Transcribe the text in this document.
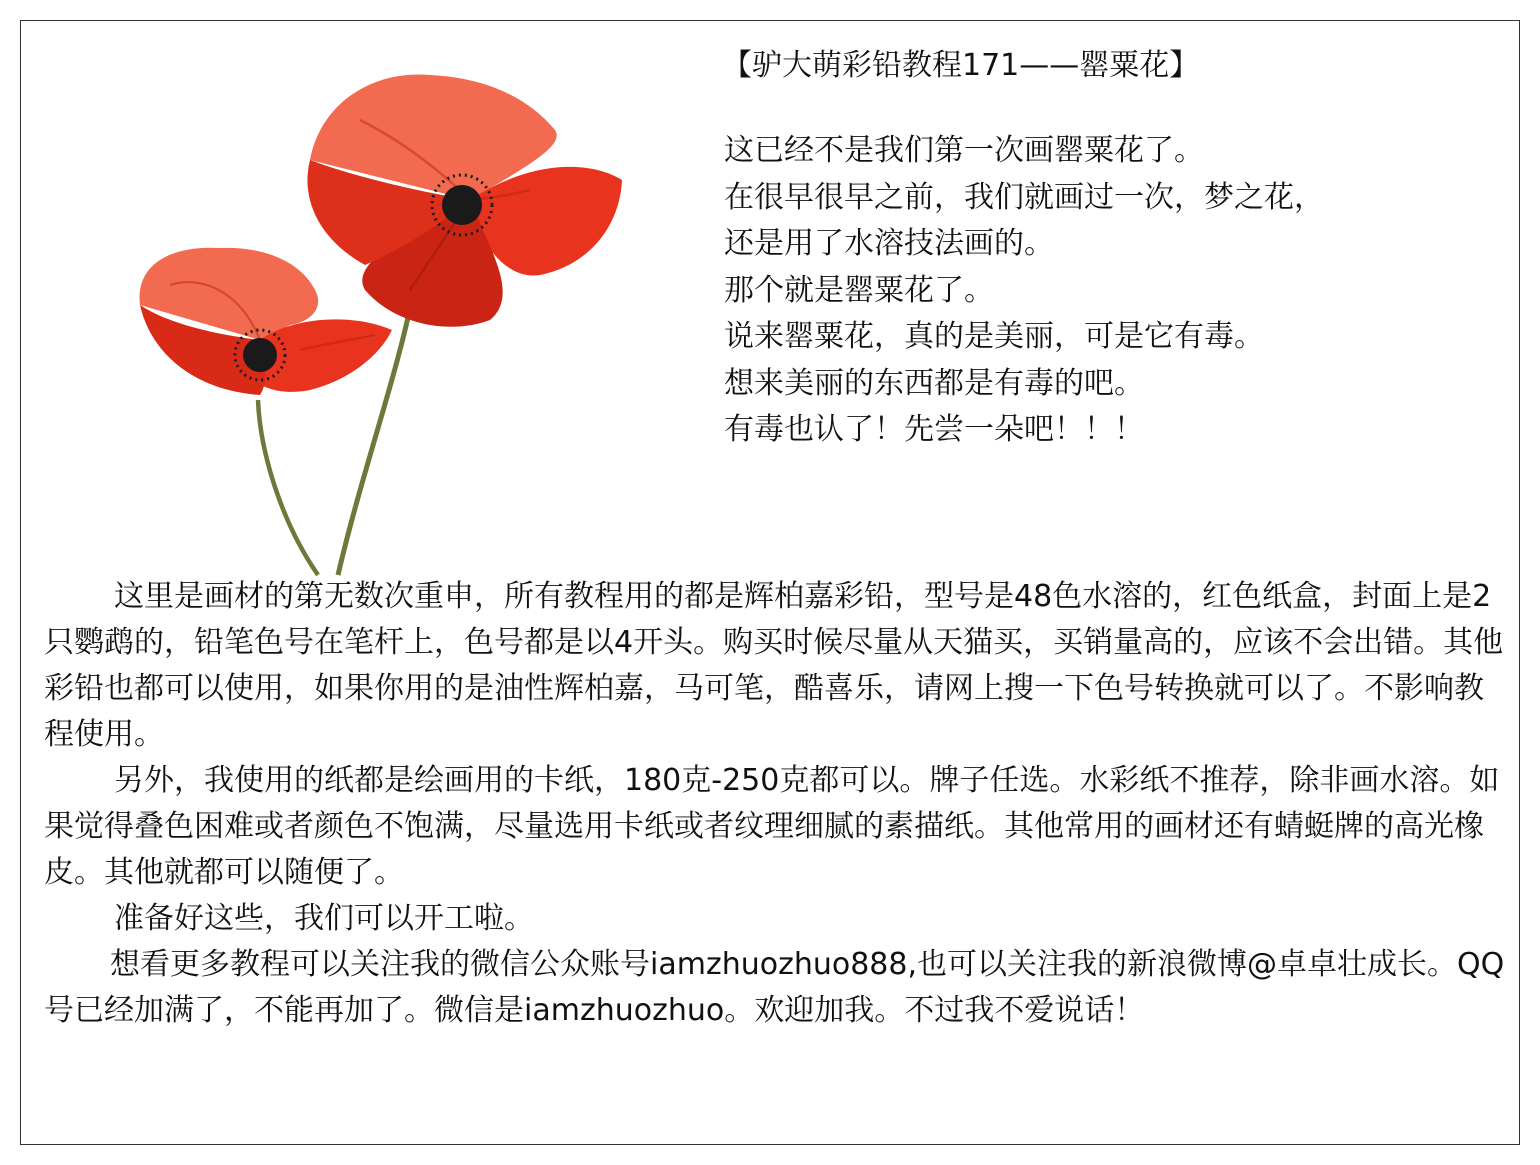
【驴大萌彩铅教程171——罂粟花】
这已经不是我们第一次画罂粟花了。
在很早很早之前，我们就画过一次，梦之花，
还是用了水溶技法画的。
那个就是罂粟花了。
说来罂粟花，真的是美丽，可是它有毒。
想来美丽的东西都是有毒的吧。
有毒也认了！先尝一朵吧！！！

这里是画材的第无数次重申，所有教程用的都是辉柏嘉彩铅，型号是48色水溶的，红色纸盒，封面上是2只鹦鹉的，铅笔色号在笔杆上，色号都是以4开头。购买时候尽量从天猫买，买销量高的，应该不会出错。其他彩铅也都可以使用，如果你用的是油性辉柏嘉，马可笔，酷喜乐，请网上搜一下色号转换就可以了。不影响教程使用。

另外，我使用的纸都是绘画用的卡纸，180克-250克都可以。牌子任选。水彩纸不推荐，除非画水溶。如果觉得叠色困难或者颜色不饱满，尽量选用卡纸或者纹理细腻的素描纸。其他常用的画材还有蜻蜓牌的高光橡皮。其他就都可以随便了。

准备好这些，我们可以开工啦。

想看更多教程可以关注我的微信公众账号iamzhuozhuo888,也可以关注我的新浪微博@卓卓壮成长。QQ号已经加满了，不能再加了。微信是iamzhuozhuo。欢迎加我。不过我不爱说话！
